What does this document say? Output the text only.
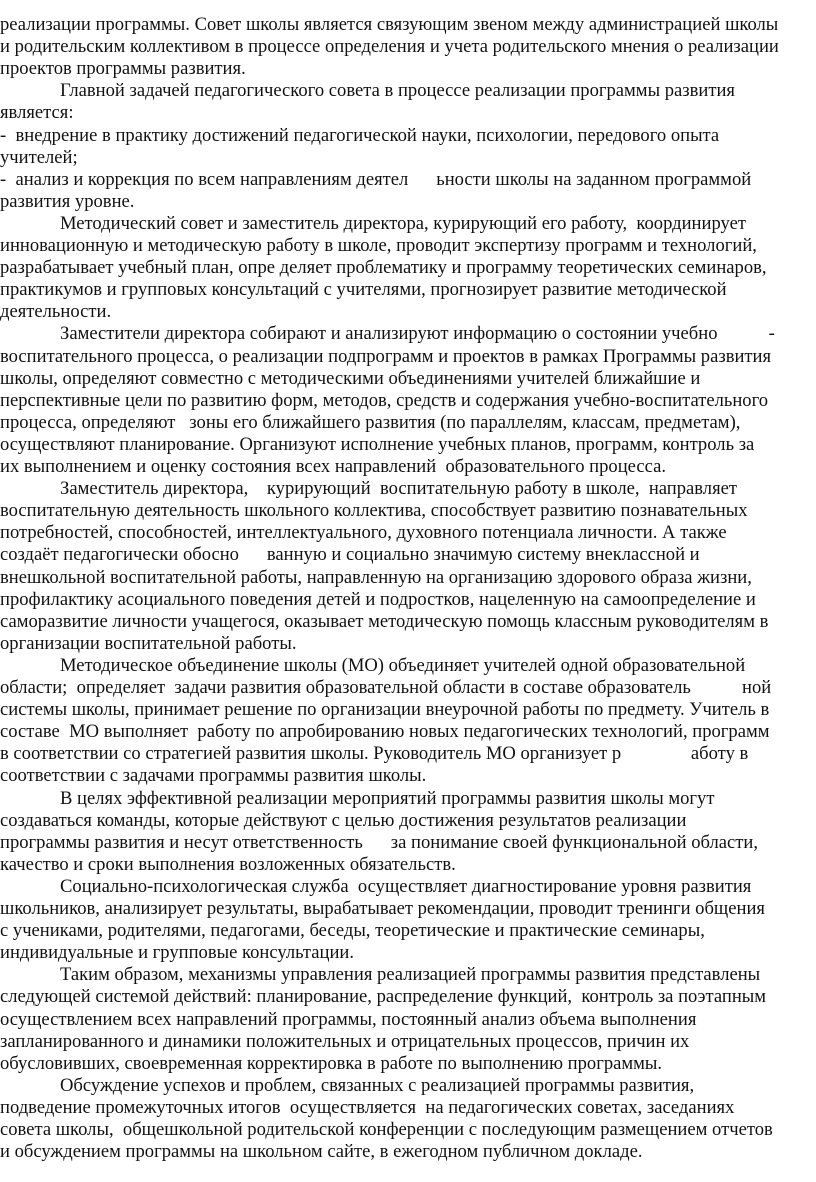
реализации программы. Совет школы является связующим звеном между администрацией школы
и родительским коллективом в процессе определения и учета родительского мнения о реализации
проектов программы развития.
Главной задачей педагогического совета в процессе реализации программы развития
является:
-  внедрение в практику достижений педагогической науки, психологии, передового опыта
учителей;
-  анализ и коррекция по всем направлениям деятел      ьности школы на заданном программой
развития уровне.
Методический совет и заместитель директора, курирующий его работу,  координирует
инновационную и методическую работу в школе, проводит экспертизу программ и технологий,
разрабатывает учебный план, опре деляет проблематику и программу теоретических семинаров,
практикумов и групповых консультаций с учителями, прогнозирует развитие методической
деятельности.
Заместители директора собирают и анализируют информацию о состоянии учебно           -
воспитательного процесса, о реализации подпрограмм и проектов в рамках Программы развития
школы, определяют совместно с методическими объединениями учителей ближайшие и
перспективные цели по развитию форм, методов, средств и содержания учебно-воспитательного
процесса, определяют   зоны его ближайшего развития (по параллелям, классам, предметам),
осуществляют планирование. Организуют исполнение учебных планов, программ, контроль за
их выполнением и оценку состояния всех направлений  образовательного процесса.
Заместитель директора,    курирующий  воспитательную работу в школе,  направляет
воспитательную деятельность школьного коллектива, способствует развитию познавательных
потребностей, способностей, интеллектуального, духовного потенциала личности. А также
создаёт педагогически обосно      ванную и социально значимую систему внеклассной и
внешкольной воспитательной работы, направленную на организацию здорового образа жизни,
профилактику асоциального поведения детей и подростков, нацеленную на самоопределение и
саморазвитие личности учащегося, оказывает методическую помощь классным руководителям в
организации воспитательной работы.
Методическое объединение школы (МО) объединяет учителей одной образовательной
области;  определяет  задачи развития образовательной области в составе образователь           ной
системы школы, принимает решение по организации внеурочной работы по предмету. Учитель в
составе  МО выполняет  работу по апробированию новых педагогических технологий, программ
в соответствии со стратегией развития школы. Руководитель МО организует р               аботу в
соответствии с задачами программы развития школы.
В целях эффективной реализации мероприятий программы развития школы могут
создаваться команды, которые действуют с целью достижения результатов реализации
программы развития и несут ответственность      за понимание своей функциональной области,
качество и сроки выполнения возложенных обязательств.
Социально-психологическая служба  осуществляет диагностирование уровня развития
школьников, анализирует результаты, вырабатывает рекомендации, проводит тренинги общения
с учениками, родителями, педагогами, беседы, теоретические и практические семинары,
индивидуальные и групповые консультации.
Таким образом, механизмы управления реализацией программы развития представлены
следующей системой действий: планирование, распределение функций,  контроль за поэтапным
осуществлением всех направлений программы, постоянный анализ объема выполнения
запланированного и динамики положительных и отрицательных процессов, причин их
обусловивших, своевременная корректировка в работе по выполнению программы.
Обсуждение успехов и проблем, связанных с реализацией программы развития,
подведение промежуточных итогов  осуществляется  на педагогических советах, заседаниях
совета школы,  общешкольной родительской конференции с последующим размещением отчетов
и обсуждением программы на школьном сайте, в ежегодном публичном докладе.
